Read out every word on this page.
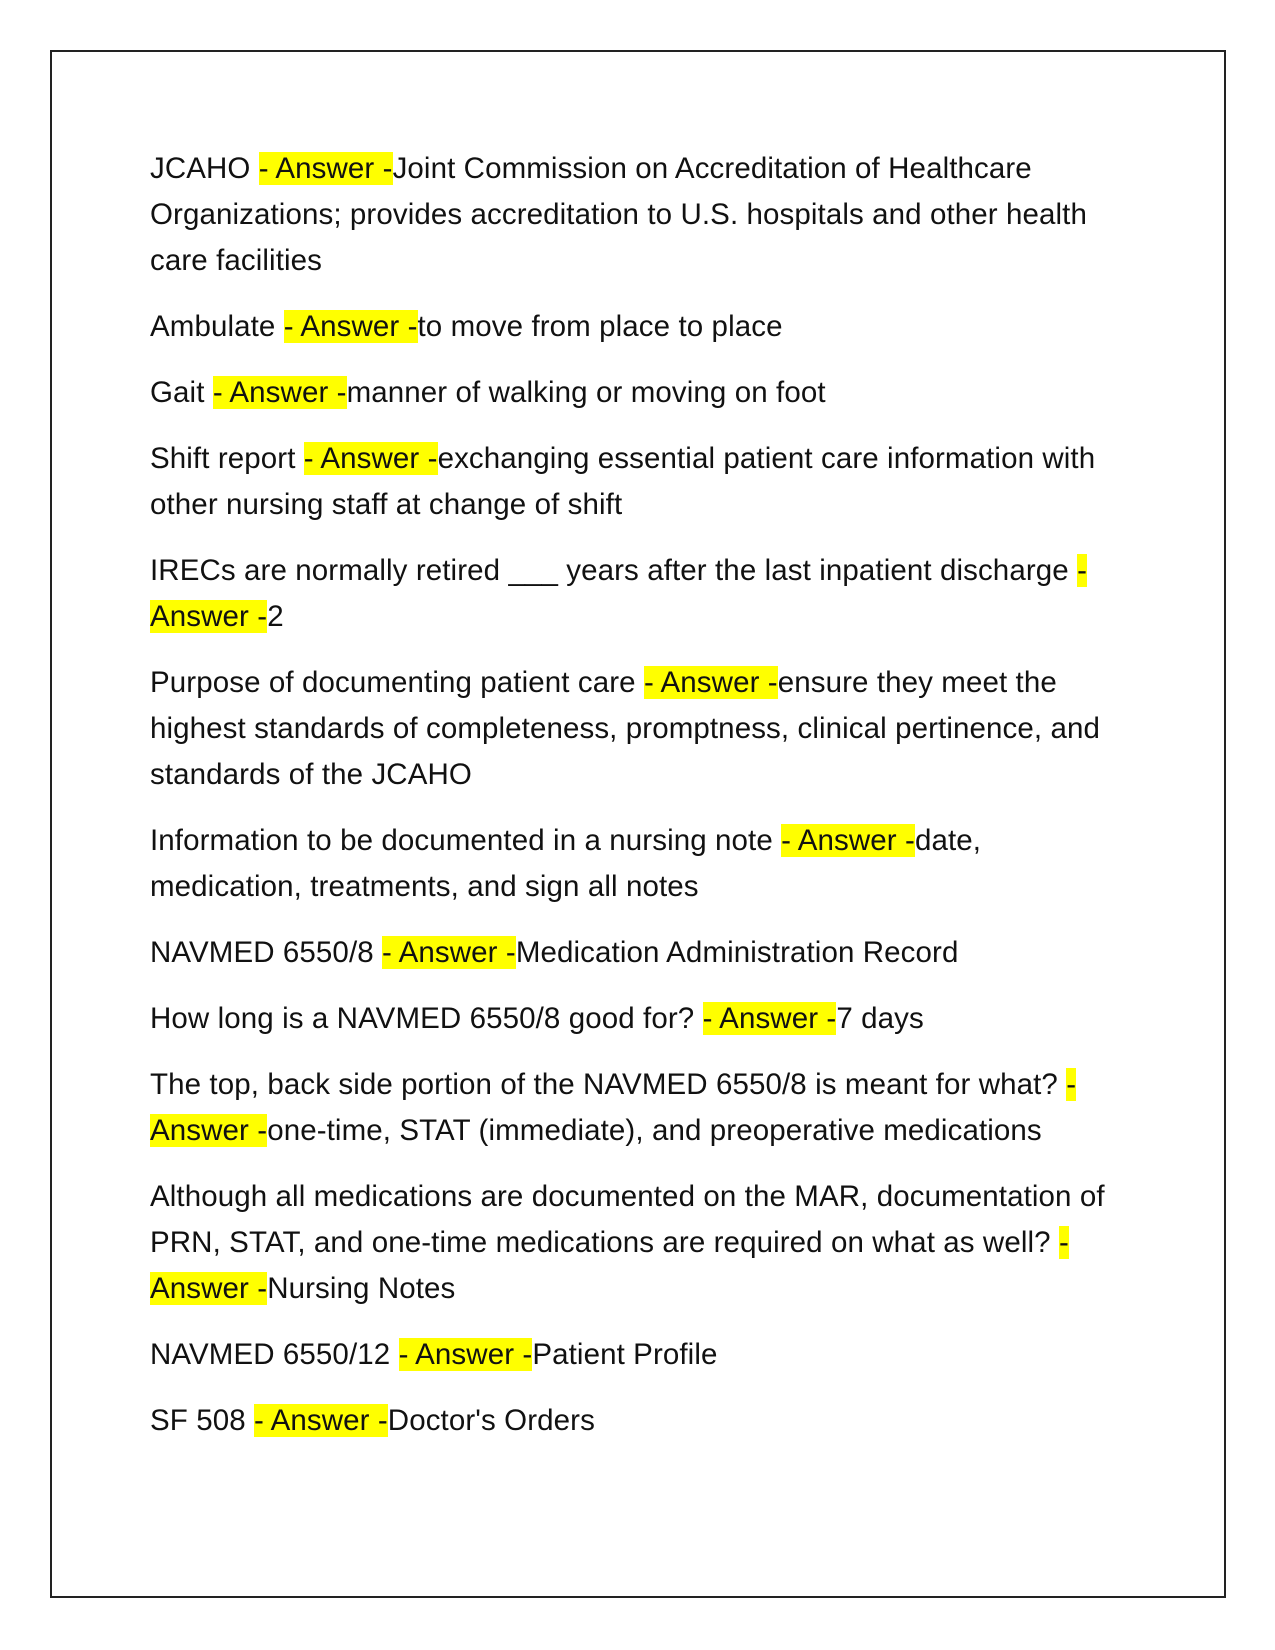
JCAHO - Answer -Joint Commission on Accreditation of Healthcare Organizations; provides accreditation to U.S. hospitals and other health care facilities

Ambulate - Answer -to move from place to place

Gait - Answer -manner of walking or moving on foot

Shift report - Answer -exchanging essential patient care information with other nursing staff at change of shift

IRECs are normally retired ___ years after the last inpatient discharge - Answer -2

Purpose of documenting patient care - Answer -ensure they meet the highest standards of completeness, promptness, clinical pertinence, and standards of the JCAHO

Information to be documented in a nursing note - Answer -date, medication, treatments, and sign all notes

NAVMED 6550/8 - Answer -Medication Administration Record

How long is a NAVMED 6550/8 good for? - Answer -7 days

The top, back side portion of the NAVMED 6550/8 is meant for what? - Answer -one-time, STAT (immediate), and preoperative medications

Although all medications are documented on the MAR, documentation of PRN, STAT, and one-time medications are required on what as well? - Answer -Nursing Notes

NAVMED 6550/12 - Answer -Patient Profile

SF 508 - Answer -Doctor's Orders
